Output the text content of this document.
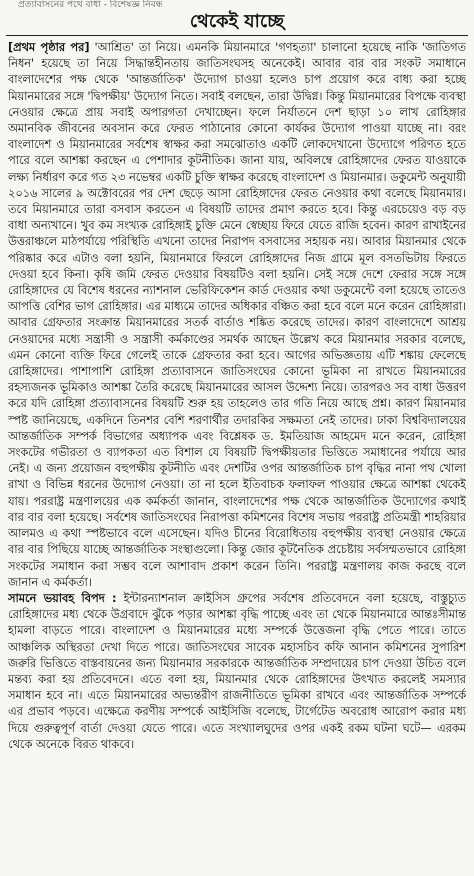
প্রত্যাবাসনের পথে বাধা - বিশেষজ্ঞ নিবন্ধ
থেকেই যাচ্ছে

[প্রথম পৃষ্ঠার পর] 'আশ্রিত' তা নিয়ে। এমনকি মিয়ানমারে 'গণহত্যা' চালানো হয়েছে নাকি 'জাতিগত নিধন' হয়েছে তা নিয়ে সিদ্ধান্তহীনতায় জাতিসংঘসহ অনেকেই। আবার বার বার সংকট সমাধানে বাংলাদেশের পক্ষ থেকে 'আন্তর্জাতিক' উদ্যোগ চাওয়া হলেও চাপ প্রয়োগ করে বাধ্য করা হচ্ছে মিয়ানমারের সঙ্গে 'দ্বিপক্ষীয়' উদ্যোগ নিতে। সবাই বলছেন, তারা উদ্বিগ্ন। কিন্তু মিয়ানমারের বিপক্ষে ব্যবস্থা নেওয়ার ক্ষেত্রে প্রায় সবাই অপারগতা দেখাচ্ছেন। ফলে নির্যাতনে দেশ ছাড়া ১০ লাখ রোহিঙ্গার অমানবিক জীবনের অবসান করে ফেরত পাঠানোর কোনো কার্যকর উদ্যোগ পাওয়া যাচ্ছে না। বরং বাংলাদেশ ও মিয়ানমারের সর্বশেষ স্বাক্ষর করা সমঝোতাও একটি লোকদেখানো উদ্যোগে পরিণত হতে পারে বলে আশঙ্কা করছেন এ পেশাদার কূটনীতিক। জানা যায়, অবিলম্বে রোহিঙ্গাদের ফেরত যাওয়াকে লক্ষ্য নির্ধারণ করে গত ২৩ নভেম্বর একটি চুক্তি স্বাক্ষর করেছে বাংলাদেশ ও মিয়ানমার। ডকুমেন্ট অনুযায়ী ২০১৬ সালের ৯ অক্টোবরের পর দেশ ছেড়ে আসা রোহিঙ্গাদের ফেরত নেওয়ার কথা বলেছে মিয়ানমার। তবে মিয়ানমারে তারা বসবাস করতেন এ বিষয়টি তাদের প্রমাণ করতে হবে। কিন্তু এরচেয়েও বড় বড় বাধা অন্যখানে। খুব কম সংখ্যক রোহিঙ্গাই চুক্তি মেনে স্বেচ্ছায় ফিরে যেতে রাজি হবেন। কারণ রাখাইনের উত্তরাঞ্চলে মাঠপর্যায়ে পরিস্থিতি এখনো তাদের নিরাপদ বসবাসের সহায়ক নয়। আবার মিয়ানমার থেকে পরিষ্কার করে এটাও বলা হয়নি, মিয়ানমারে ফিরলে রোহিঙ্গাদের নিজ গ্রামে মূল বসতভিটায় ফিরতে দেওয়া হবে কিনা। কৃষি জমি ফেরত দেওয়ার বিষয়টিও বলা হয়নি। সেই সঙ্গে দেশে ফেরার সঙ্গে সঙ্গে রোহিঙ্গাদের যে বিশেষ ধরনের ন্যাশনাল ভেরিফিকেশন কার্ড দেওয়ার কথা ডকুমেন্টে বলা হয়েছে তাতেও আপত্তি বেশির ভাগ রোহিঙ্গার। এর মাধ্যমে তাদের অধিকার বঞ্চিত করা হবে বলে মনে করেন রোহিঙ্গারা। আবার গ্রেফতার সংক্রান্ত মিয়ানমারের সতর্ক বার্তাও শঙ্কিত করেছে তাদের। কারণ বাংলাদেশে আশ্রয় নেওয়াদের মধ্যে সন্ত্রাসী ও সন্ত্রাসী কর্মকাণ্ডের সমর্থক আছেন উল্লেখ করে মিয়ানমার সরকার বলেছে, এমন কোনো ব্যক্তি ফিরে গেলেই তাকে গ্রেফতার করা হবে। আগের অভিজ্ঞতায় এটি শঙ্কায় ফেলেছে রোহিঙ্গাদের। পাশাপাশি রোহিঙ্গা প্রত্যাবাসনে জাতিসংঘের কোনো ভূমিকা না রাখতে মিয়ানমারের রহস্যজনক ভূমিকাও আশঙ্কা তৈরি করেছে মিয়ানমারের আসল উদ্দেশ্য নিয়ে। তারপরও সব বাধা উত্তরণ করে যদি রোহিঙ্গা প্রত্যাবাসনের বিষয়টি শুরু হয় তাহলেও তার গতি নিয়ে আছে প্রশ্ন। কারণ মিয়ানমার স্পষ্ট জানিয়েছে, একদিনে তিনশর বেশি শরণার্থীর তদারকির সক্ষমতা নেই তাদের। ঢাকা বিশ্ববিদ্যালয়ের আন্তর্জাতিক সম্পর্ক বিভাগের অধ্যাপক এবং বিশ্লেষক ড. ইমতিয়াজ আহমেদ মনে করেন, রোহিঙ্গা সংকটের গভীরতা ও ব্যাপকতা এত বিশাল যে বিষয়টি দ্বিপক্ষীয়তার ভিত্তিতে সমাধানের পর্যায়ে আর নেই। এ জন্য প্রয়োজন বহুপক্ষীয় কূটনীতি এবং দেশটির ওপর আন্তর্জাতিক চাপ বৃদ্ধির নানা পথ খোলা রাখা ও বিভিন্ন ধরনের উদ্যোগ নেওয়া। তা না হলে ইতিবাচক ফলাফল পাওয়ার ক্ষেত্রে আশঙ্কা থেকেই যায়। পররাষ্ট্র মন্ত্রণালয়ের এক কর্মকর্তা জানান, বাংলাদেশের পক্ষ থেকে আন্তর্জাতিক উদ্যোগের কথাই বার বার বলা হয়েছে। সর্বশেষ জাতিসংঘের নিরাপত্তা কমিশনের বিশেষ সভায় পররাষ্ট্র প্রতিমন্ত্রী শাহরিয়ার আলমও এ কথা স্পষ্টভাবে বলে এসেছেন। যদিও চীনের বিরোধিতায় বহুপক্ষীয় ব্যবস্থা নেওয়ার ক্ষেত্রে বার বার পিছিয়ে যাচ্ছে আন্তর্জাতিক সংস্থাগুলো। কিন্তু জোর কূটনৈতিক প্রচেষ্টায় সর্বসম্মতভাবে রোহিঙ্গা সংকটের সমাধান করা সম্ভব বলে আশাবাদ প্রকাশ করেন তিনি। পররাষ্ট্র মন্ত্রণালয় কাজ করছে বলে জানান এ কর্মকর্তা।

সামনে ভয়াবহ বিপদ : ইন্টারন্যাশনাল ক্রাইসিস গ্রুপের সর্বশেষ প্রতিবেদনে বলা হয়েছে, বাস্তুচ্যুত রোহিঙ্গাদের মধ্য থেকে উগ্রবাদে ঝুঁকে পড়ার আশঙ্কা বৃদ্ধি পাচ্ছে এবং তা থেকে মিয়ানমারে আন্তঃসীমান্ত হামলা বাড়তে পারে। বাংলাদেশ ও মিয়ানমারের মধ্যে সম্পর্কে উত্তেজনা বৃদ্ধি পেতে পারে। তাতে আঞ্চলিক অস্থিরতা দেখা দিতে পারে। জাতিসংঘের সাবেক মহাসচিব কফি আনান কমিশনের সুপারিশ জরুরি ভিত্তিতে বাস্তবায়নের জন্য মিয়ানমার সরকারকে আন্তর্জাতিক সম্প্রদায়ের চাপ দেওয়া উচিত বলে মন্তব্য করা হয় প্রতিবেদনে। এতে বলা হয়, মিয়ানমার থেকে রোহিঙ্গাদের উৎখাত করলেই সমস্যার সমাধান হবে না। এতে মিয়ানমারের অভ্যন্তরীণ রাজনীতিতে ভূমিকা রাখবে এবং আন্তর্জাতিক সম্পর্কে এর প্রভাব পড়বে। এক্ষেত্রে করণীয় সম্পর্কে আইসিজি বলেছে, টার্গেটেড অবরোধ আরোপ করার মধ্য দিয়ে গুরুত্বপূর্ণ বার্তা দেওয়া যেতে পারে। এতে সংখ্যালঘুদের ওপর একই রকম ঘটনা ঘটে— এরকম থেকে অনেকে বিরত থাকবে।
